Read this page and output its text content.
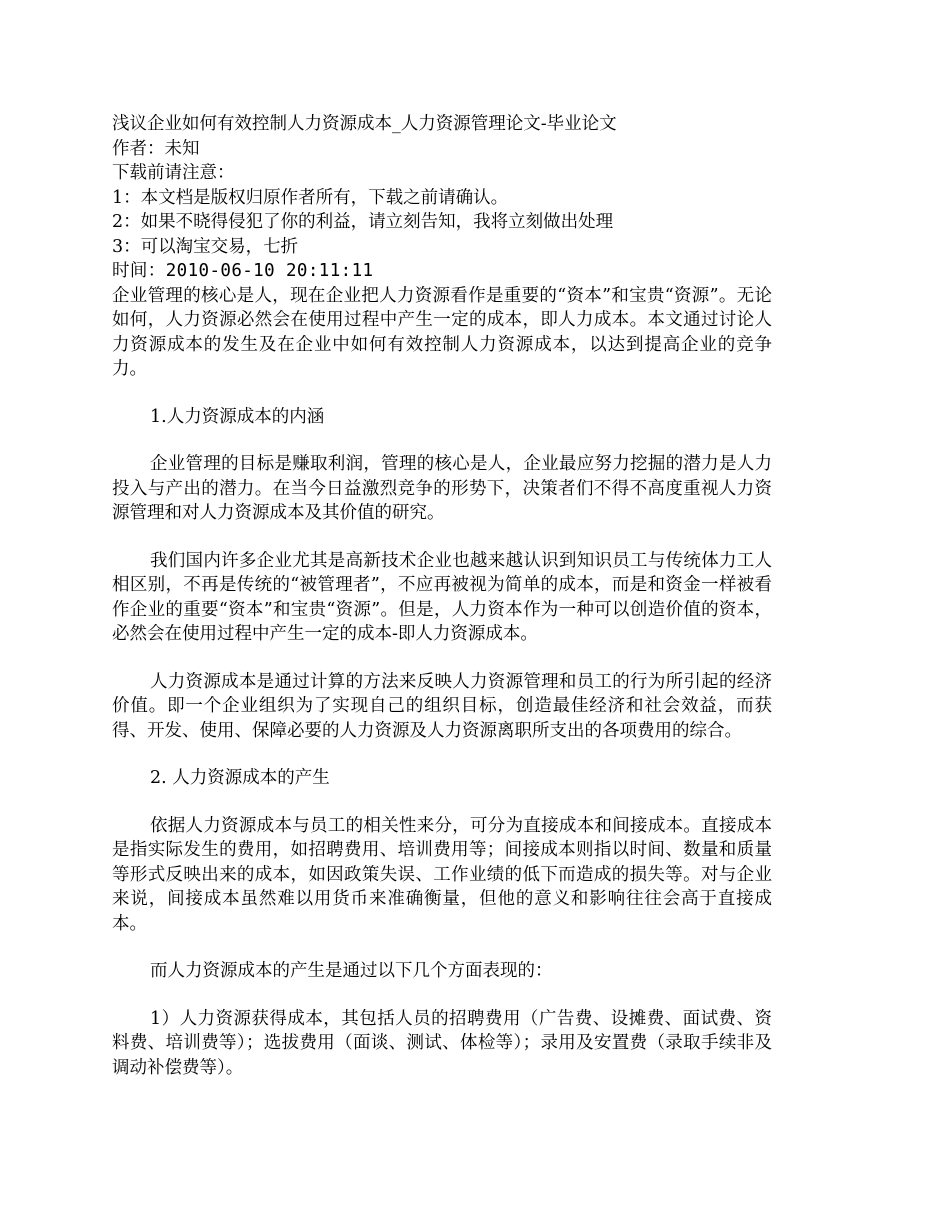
浅议企业如何有效控制人力资源成本_人力资源管理论文-毕业论文
作者：未知
下载前请注意：
1：本文档是版权归原作者所有，下载之前请确认。
2：如果不晓得侵犯了你的利益，请立刻告知，我将立刻做出处理
3：可以淘宝交易，七折
时间：2010-06-10 20:11:11
企业管理的核心是人，现在企业把人力资源看作是重要的“资本”和宝贵“资源”。无论如何，人力资源必然会在使用过程中产生一定的成本，即人力成本。本文通过讨论人力资源成本的发生及在企业中如何有效控制人力资源成本，以达到提高企业的竞争力。
1.人力资源成本的内涵
企业管理的目标是赚取利润，管理的核心是人，企业最应努力挖掘的潜力是人力投入与产出的潜力。在当今日益激烈竞争的形势下，决策者们不得不高度重视人力资源管理和对人力资源成本及其价值的研究。
我们国内许多企业尤其是高新技术企业也越来越认识到知识员工与传统体力工人相区别，不再是传统的“被管理者”，不应再被视为简单的成本，而是和资金一样被看作企业的重要“资本”和宝贵“资源”。但是，人力资本作为一种可以创造价值的资本，必然会在使用过程中产生一定的成本-即人力资源成本。
人力资源成本是通过计算的方法来反映人力资源管理和员工的行为所引起的经济价值。即一个企业组织为了实现自己的组织目标，创造最佳经济和社会效益，而获得、开发、使用、保障必要的人力资源及人力资源离职所支出的各项费用的综合。
2. 人力资源成本的产生
依据人力资源成本与员工的相关性来分，可分为直接成本和间接成本。直接成本是指实际发生的费用，如招聘费用、培训费用等；间接成本则指以时间、数量和质量等形式反映出来的成本，如因政策失误、工作业绩的低下而造成的损失等。对与企业来说，间接成本虽然难以用货币来准确衡量，但他的意义和影响往往会高于直接成本。
而人力资源成本的产生是通过以下几个方面表现的：
1）人力资源获得成本，其包括人员的招聘费用（广告费、设摊费、面试费、资料费、培训费等）；选拔费用（面谈、测试、体检等）；录用及安置费（录取手续非及调动补偿费等）。
